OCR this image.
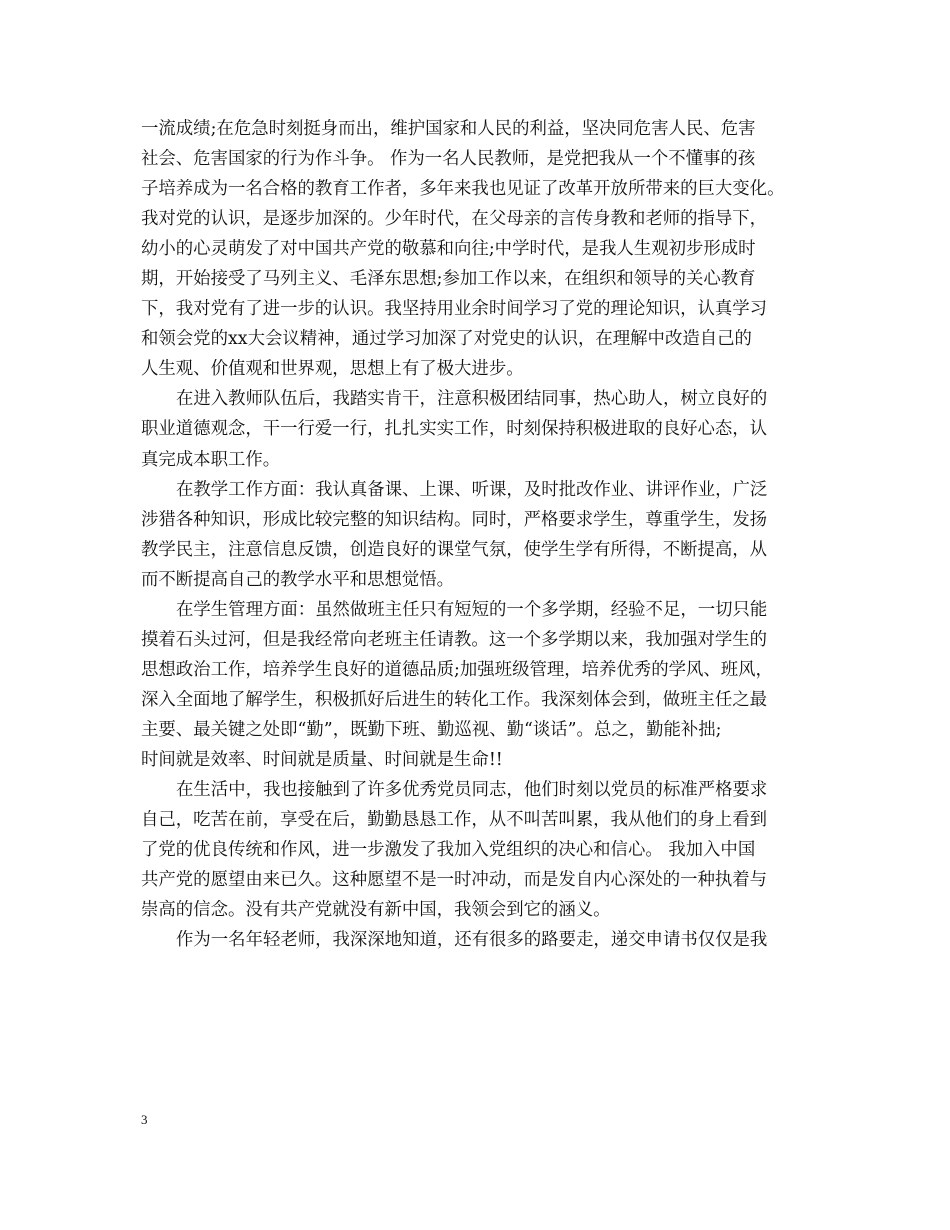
一流成绩;在危急时刻挺身而出，维护国家和人民的利益，坚决同危害人民、危害
社会、危害国家的行为作斗争。 作为一名人民教师，是党把我从一个不懂事的孩
子培养成为一名合格的教育工作者，多年来我也见证了改革开放所带来的巨大变化。
我对党的认识，是逐步加深的。少年时代，在父母亲的言传身教和老师的指导下，
幼小的心灵萌发了对中国共产党的敬慕和向往;中学时代，是我人生观初步形成时
期，开始接受了马列主义、毛泽东思想;参加工作以来，在组织和领导的关心教育
下，我对党有了进一步的认识。我坚持用业余时间学习了党的理论知识，认真学习
和领会党的xx大会议精神，通过学习加深了对党史的认识，在理解中改造自己的
人生观、价值观和世界观，思想上有了极大进步。
在进入教师队伍后，我踏实肯干，注意积极团结同事，热心助人，树立良好的
职业道德观念，干一行爱一行，扎扎实实工作，时刻保持积极进取的良好心态，认
真完成本职工作。
在教学工作方面：我认真备课、上课、听课，及时批改作业、讲评作业，广泛
涉猎各种知识，形成比较完整的知识结构。同时，严格要求学生，尊重学生，发扬
教学民主，注意信息反馈，创造良好的课堂气氛，使学生学有所得，不断提高，从
而不断提高自己的教学水平和思想觉悟。
在学生管理方面：虽然做班主任只有短短的一个多学期，经验不足，一切只能
摸着石头过河，但是我经常向老班主任请教。这一个多学期以来，我加强对学生的
思想政治工作，培养学生良好的道德品质;加强班级管理，培养优秀的学风、班风，
深入全面地了解学生，积极抓好后进生的转化工作。我深刻体会到，做班主任之最
主要、最关键之处即“勤”，既勤下班、勤巡视、勤“谈话”。总之，勤能补拙;
时间就是效率、时间就是质量、时间就是生命!!
在生活中，我也接触到了许多优秀党员同志，他们时刻以党员的标准严格要求
自己，吃苦在前，享受在后，勤勤恳恳工作，从不叫苦叫累，我从他们的身上看到
了党的优良传统和作风，进一步激发了我加入党组织的决心和信心。 我加入中国
共产党的愿望由来已久。这种愿望不是一时冲动，而是发自内心深处的一种执着与
崇高的信念。没有共产党就没有新中国，我领会到它的涵义。
作为一名年轻老师，我深深地知道，还有很多的路要走，递交申请书仅仅是我
3
